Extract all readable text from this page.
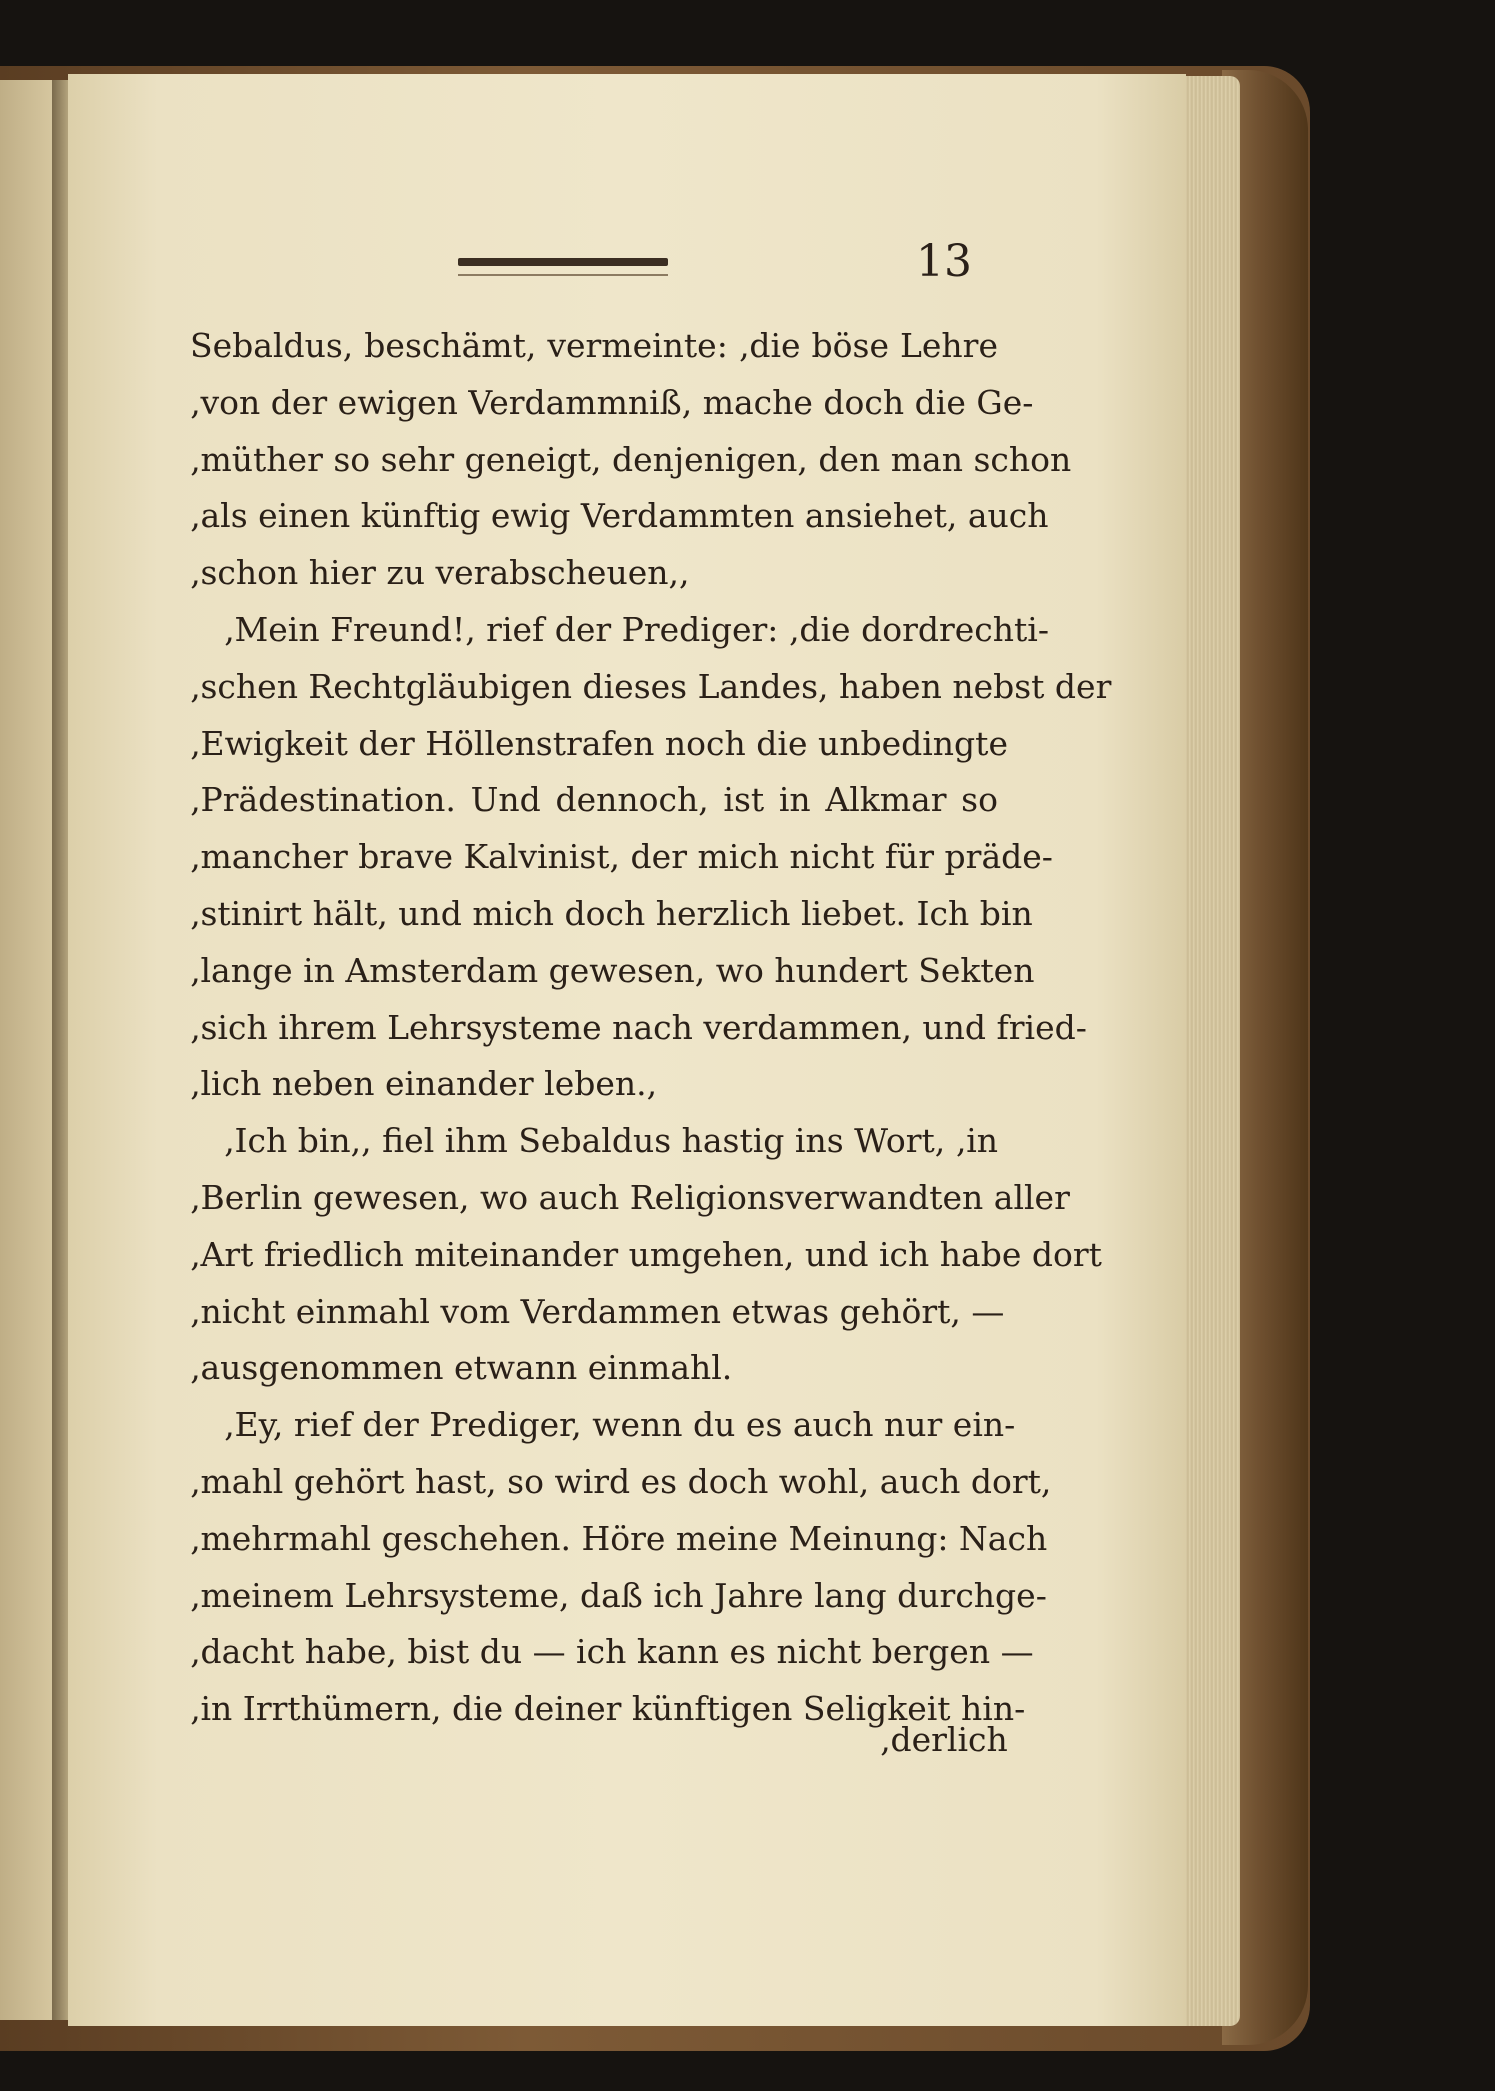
13
Sebaldus, beschämt, vermeinte: ‚die böse Lehre
‚von der ewigen Verdammniß, mache doch die Ge-
‚müther so sehr geneigt, denjenigen, den man schon
‚als einen künftig ewig Verdammten ansiehet, auch
‚schon hier zu verabscheuen,,
‚Mein Freund!, rief der Prediger: ‚die dordrechti-
‚schen Rechtgläubigen dieses Landes, haben nebst der
‚Ewigkeit der Höllenstrafen noch die unbedingte
‚Prädestination. Und dennoch, ist in Alkmar so
‚mancher brave Kalvinist, der mich nicht für präde-
‚stinirt hält, und mich doch herzlich liebet. Ich bin
‚lange in Amsterdam gewesen, wo hundert Sekten
‚sich ihrem Lehrsysteme nach verdammen, und fried-
‚lich neben einander leben.,
‚Ich bin,, fiel ihm Sebaldus hastig ins Wort, ‚in
‚Berlin gewesen, wo auch Religionsverwandten aller
‚Art friedlich miteinander umgehen, und ich habe dort
‚nicht einmahl vom Verdammen etwas gehört, —
‚ausgenommen etwann einmahl.
‚Ey, rief der Prediger, wenn du es auch nur ein-
‚mahl gehört hast, so wird es doch wohl, auch dort,
‚mehrmahl geschehen. Höre meine Meinung: Nach
‚meinem Lehrsysteme, daß ich Jahre lang durchge-
‚dacht habe, bist du — ich kann es nicht bergen —
‚in Irrthümern, die deiner künftigen Seligkeit hin-
‚derlich
